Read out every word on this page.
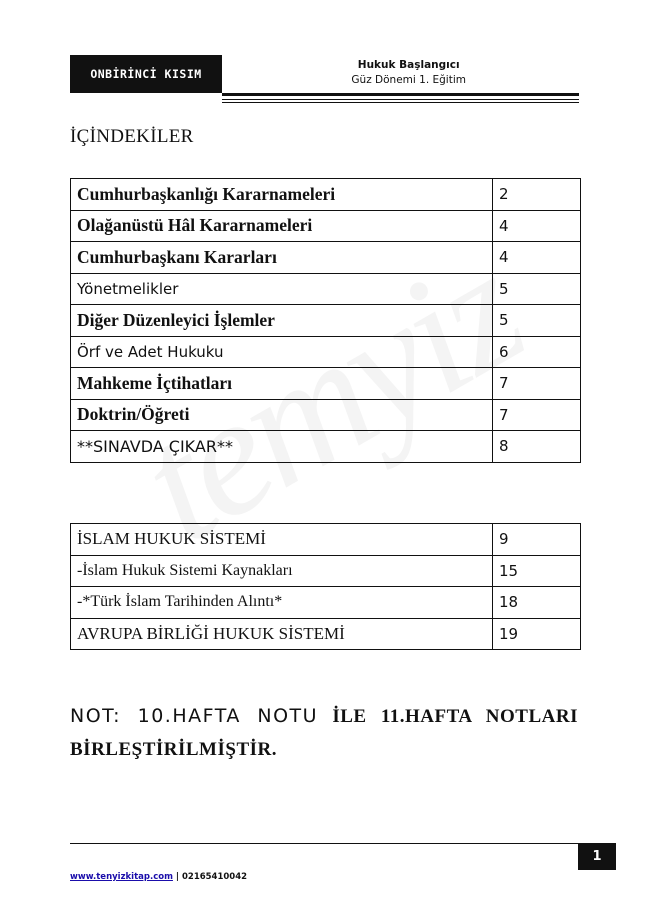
ONBİRİNCİ KISIM
Hukuk Başlangıcı
Güz Dönemi 1. Eğitim
İÇİNDEKİLER
Cumhurbaşkanlığı Kararnameleri	2
Olağanüstü Hâl Kararnameleri	4
Cumhurbaşkanı Kararları	4
Yönetmelikler	5
Diğer Düzenleyici İşlemler	5
Örf ve Adet Hukuku	6
Mahkeme İçtihatları	7
Doktrin/Öğreti	7
**SINAVDA ÇIKAR**	8
İSLAM HUKUK SİSTEMİ	9
-İslam Hukuk Sistemi Kaynakları	15
-*Türk İslam Tarihinden Alıntı*	18
AVRUPA BİRLİĞİ HUKUK SİSTEMİ	19
NOT: 10.HAFTA NOTU İLE 11.HAFTA NOTLARI BİRLEŞTİRİLMİŞTİR.
1
www.tenyizkitap.com | 02165410042
